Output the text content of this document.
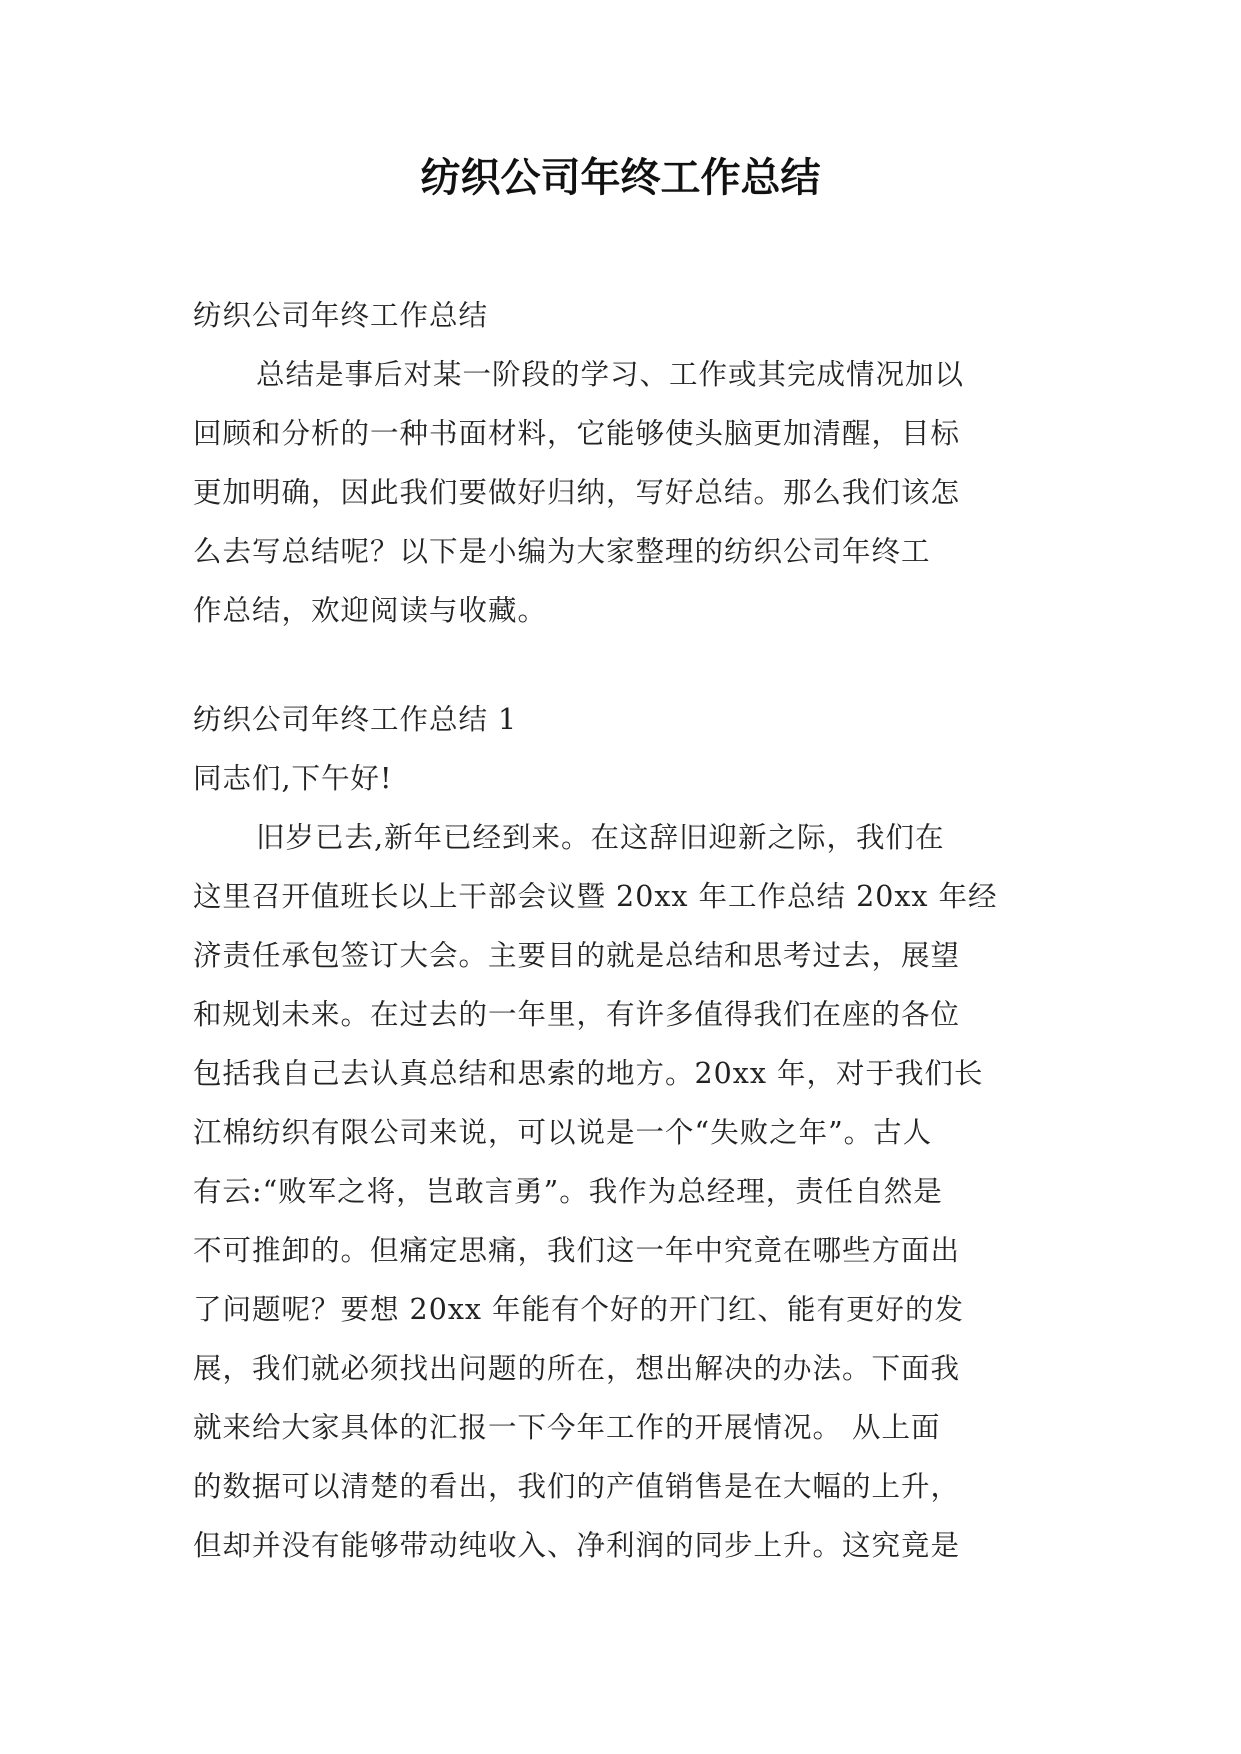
纺织公司年终工作总结
纺织公司年终工作总结
总结是事后对某一阶段的学习、工作或其完成情况加以
回顾和分析的一种书面材料，它能够使头脑更加清醒，目标
更加明确，因此我们要做好归纳，写好总结。那么我们该怎
么去写总结呢？以下是小编为大家整理的纺织公司年终工
作总结，欢迎阅读与收藏。
纺织公司年终工作总结 1
同志们,下午好!
旧岁已去,新年已经到来。在这辞旧迎新之际，我们在
这里召开值班长以上干部会议暨 20xx 年工作总结 20xx 年经
济责任承包签订大会。主要目的就是总结和思考过去，展望
和规划未来。在过去的一年里，有许多值得我们在座的各位
包括我自己去认真总结和思索的地方。20xx 年，对于我们长
江棉纺织有限公司来说，可以说是一个“失败之年”。古人
有云:“败军之将，岂敢言勇”。我作为总经理，责任自然是
不可推卸的。但痛定思痛，我们这一年中究竟在哪些方面出
了问题呢？要想 20xx 年能有个好的开门红、能有更好的发
展，我们就必须找出问题的所在，想出解决的办法。下面我
就来给大家具体的汇报一下今年工作的开展情况。 从上面
的数据可以清楚的看出，我们的产值销售是在大幅的上升，
但却并没有能够带动纯收入、净利润的同步上升。这究竟是
